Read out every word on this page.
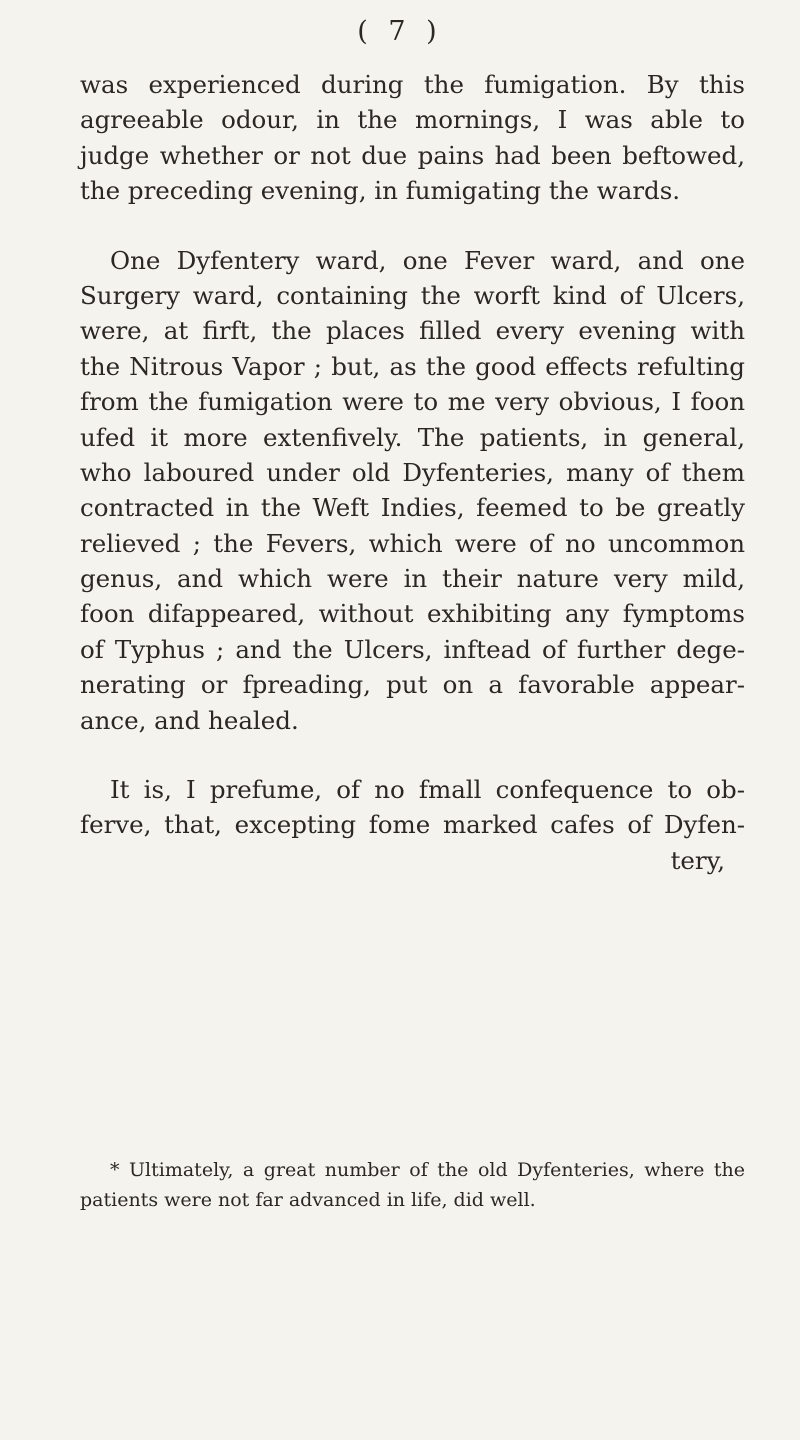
( 7 )
was experienced during the fumigation. By this
agreeable odour, in the mornings, I was able to
judge whether or not due pains had been beftowed,
the preceding evening, in fumigating the wards.
One Dyfentery ward, one Fever ward, and one
Surgery ward, containing the worft kind of Ulcers,
were, at firft, the places filled every evening with
the Nitrous Vapor ; but, as the good effects refulting
from the fumigation were to me very obvious, I foon
ufed it more extenfively. The patients, in general,
who laboured under old Dyfenteries, many of them
contracted in the Weft Indies, feemed to be greatly
relieved ; the Fevers, which were of no uncommon
genus, and which were in their nature very mild,
foon difappeared, without exhibiting any fymptoms
of Typhus ; and the Ulcers, inftead of further dege-
nerating or fpreading, put on a favorable appear-
ance, and healed.
It is, I prefume, of no fmall confequence to ob-
ferve, that, excepting fome marked cafes of Dyfen-
tery,
* Ultimately, a great number of the old Dyfenteries, where the
patients were not far advanced in life, did well.
